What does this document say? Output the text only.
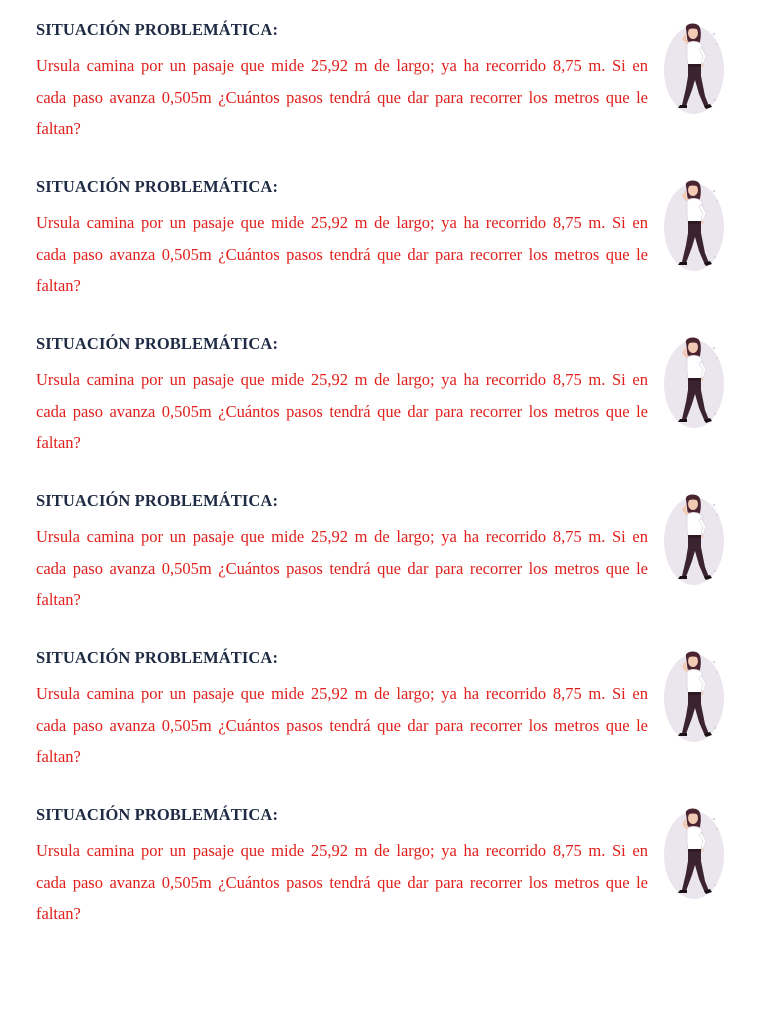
SITUACIÓN PROBLEMÁTICA:
Ursula camina por un pasaje que mide 25,92 m de largo; ya ha recorrido 8,75 m. Si en cada paso avanza 0,505m ¿Cuántos pasos tendrá que dar para recorrer los metros que le faltan?
SITUACIÓN PROBLEMÁTICA:
Ursula camina por un pasaje que mide 25,92 m de largo; ya ha recorrido 8,75 m. Si en cada paso avanza 0,505m ¿Cuántos pasos tendrá que dar para recorrer los metros que le faltan?
SITUACIÓN PROBLEMÁTICA:
Ursula camina por un pasaje que mide 25,92 m de largo; ya ha recorrido 8,75 m. Si en cada paso avanza 0,505m ¿Cuántos pasos tendrá que dar para recorrer los metros que le faltan?
SITUACIÓN PROBLEMÁTICA:
Ursula camina por un pasaje que mide 25,92 m de largo; ya ha recorrido 8,75 m. Si en cada paso avanza 0,505m ¿Cuántos pasos tendrá que dar para recorrer los metros que le faltan?
SITUACIÓN PROBLEMÁTICA:
Ursula camina por un pasaje que mide 25,92 m de largo; ya ha recorrido 8,75 m. Si en cada paso avanza 0,505m ¿Cuántos pasos tendrá que dar para recorrer los metros que le faltan?
SITUACIÓN PROBLEMÁTICA:
Ursula camina por un pasaje que mide 25,92 m de largo; ya ha recorrido 8,75 m. Si en cada paso avanza 0,505m ¿Cuántos pasos tendrá que dar para recorrer los metros que le faltan?
